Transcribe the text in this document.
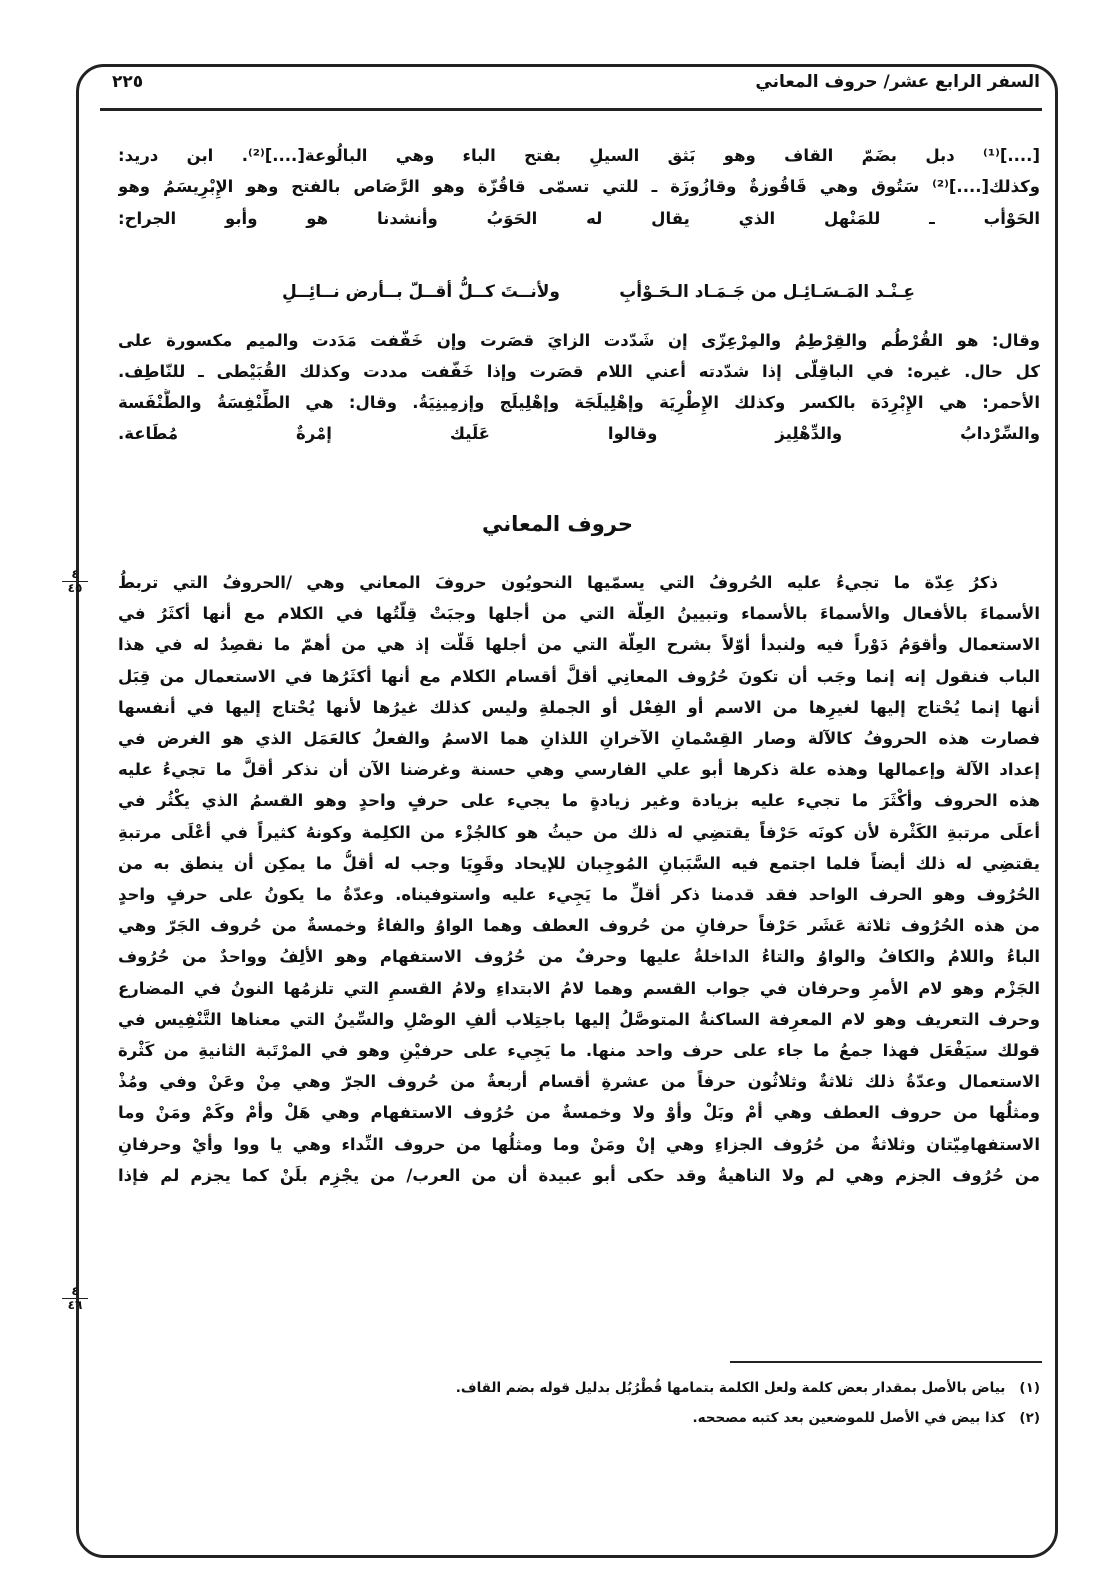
السفر الرابع عشر/ حروف المعاني
٢٢٥
[....]⁽¹⁾ دبل بضَمّ القاف وهو بَثق السيلِ بفتح الباء وهي البالُوعة[....]⁽²⁾. ابن دريد:
وكذلك[....]⁽²⁾ سَتُوق وهي قَاقُوزةٌ وقازُوزَة ـ للتي تسمّى قاقُزّة وهو الرَّصَاص بالفتح وهو الإِبْرِيسَمُ وهو
الحَوْأب ـ للمَنْهل الذي يقال له الحَوَبُ وأنشدنا هو وأبو الجراح:
ولأنــتَ كــلُّ أقــلّ بــأرض نــائِــلِ	عِـنْـد المَـسَـائِـل من جَـمَـاد الـحَـوْأبِ
وقال: هو القُرْطُم والقِرْطِمُ والمِرْعِزّى إن شَدّدت الزايَ قصَرت وإن خَفّفت مَدَدت والميم مكسورة على
كل حال. غيره: في الباقِلّى إذا شدّدته أعني اللام قصَرت وإذا خَفّفت مددت وكذلك القُبَيْطى ـ للنّاطِف.
الأحمر: هي الإِبْرِدَة بالكسر وكذلك الإِطْرِيَة وإهْلِيلَجَة وإهْلِيلَج وإزمِينِيَةُ. وقال: هي الطِّنْفِسَةُ والطُّنْفَسة
والسِّرْدابُ والدِّهْلِيز وقالوا عَلَيك إمْرةٌ مُطَاعة.
حروف المعاني
ذكرُ عِدّة ما تجيءُ عليه الحُروفُ التي يسمّيها النحويُون حروفَ المعاني وهي /الحروفُ التي تربطُ
الأسماءَ بالأفعال والأسماءَ بالأسماء وتبيينُ العِلّة التي من أجلها وجبَتْ قِلّتُها في الكلام مع أنها أكثَرُ في
الاستعمال وأقوَمُ دَوْراً فيه ولنبدأ أوّلاً بشرح العِلّة التي من أجلها قَلّت إذ هي من أهمّ ما نقصِدُ له في هذا
الباب فنقول إنه إنما وجَب أن تكونَ حُرُوف المعانِي أقلَّ أقسام الكلام مع أنها أكثَرُها في الاستعمال من قِبَل
أنها إنما يُحْتاج إليها لغيرِها من الاسم أو الفِعْل أو الجملةِ وليس كذلك غيرُها لأنها يُحْتاج إليها في أنفسها
فصارت هذه الحروفُ كالآلة وصار القِسْمانِ الآخرانِ اللذانِ هما الاسمُ والفعلُ كالعَمَل الذي هو الغرض في
إعداد الآلة وإعمالها وهذه علة ذكرها أبو علي الفارسي وهي حسنة وغرضنا الآن أن نذكر أقلَّ ما تجيءُ عليه
هذه الحروف وأكْثَرَ ما تجيء عليه بزيادة وغير زيادةٍ ما يجيء على حرفٍ واحدٍ وهو القسمُ الذي يكْثُر في
أعلَى مرتبةِ الكَثْرة لأن كونَه حَرْفاً يقتضِي له ذلك من حيثُ هو كالجُزْء من الكلِمة وكونهُ كثيراً في أعْلَى مرتبةِ
يقتضِي له ذلك أيضاً فلما اجتمع فيه السَّبَبانِ المُوجِبان للإيحاد وقَوِيَا وجب له أقلُّ ما يمكِن أن ينطق به من
الحُرُوف وهو الحرف الواحد فقد قدمنا ذكر أقلِّ ما يَجِيء عليه واستوفيناه. وعدّةُ ما يكونُ على حرفٍ واحدٍ
من هذه الحُرُوف ثلاثة عَشَر حَرْفاً حرفانِ من حُروف العطف وهما الواوُ والفاءُ وخمسةٌ من حُروف الجَرّ وهي
الباءُ واللامُ والكافُ والواوُ والتاءُ الداخلةُ عليها وحرفٌ من حُرُوف الاستفهام وهو الألِفُ وواحدٌ من حُرُوف
الجَزْم وهو لام الأمرِ وحرفان في جواب القسم وهما لامُ الابتداءِ ولامُ القسمِ التي تلزمُها النونُ في المضارع
وحرف التعريف وهو لام المعرِفة الساكنةُ المتوصَّلُ إليها باجتِلاب ألفِ الوصْلِ والسِّينُ التي معناها التَّنْفِيس في
قولك سيَفْعَل فهذا جمعُ ما جاء على حرف واحد منها. ما يَجِيء على حرفيْنِ وهو في المرْتَبة الثانيةِ من كَثْرة
الاستعمال وعدّةُ ذلك ثلاثةٌ وثلاثُون حرفاً من عشرةِ أقسام أربعةٌ من حُروف الجرّ وهي مِنْ وعَنْ وفي ومُذْ
ومثلُها من حروف العطف وهي أمْ وبَلْ وأوْ ولا وخمسةٌ من حُرُوف الاستفهام وهي هَلْ وأمْ وكَمْ ومَنْ وما
الاستفهامِيّتان وثلاثةٌ من حُرُوف الجزاءِ وهي إنْ ومَنْ وما ومثلُها من حروف النِّداء وهي يا ووا وأيْ وحرفانِ
من حُرُوف الجزم وهي لم ولا الناهيةُ وقد حكى أبو عبيدة أن من العرب/ من يجْزِم بلَنْ كما يجزم لم فإذا
٤
٤٥
٤
٤٦
(١)   بياض بالأصل بمقدار بعض كلمة ولعل الكلمة بتمامها قُطْرُبُل بدليل قوله بضم القاف.
(٢)   كذا بيض في الأصل للموضعين بعد كتبه مصححه.
